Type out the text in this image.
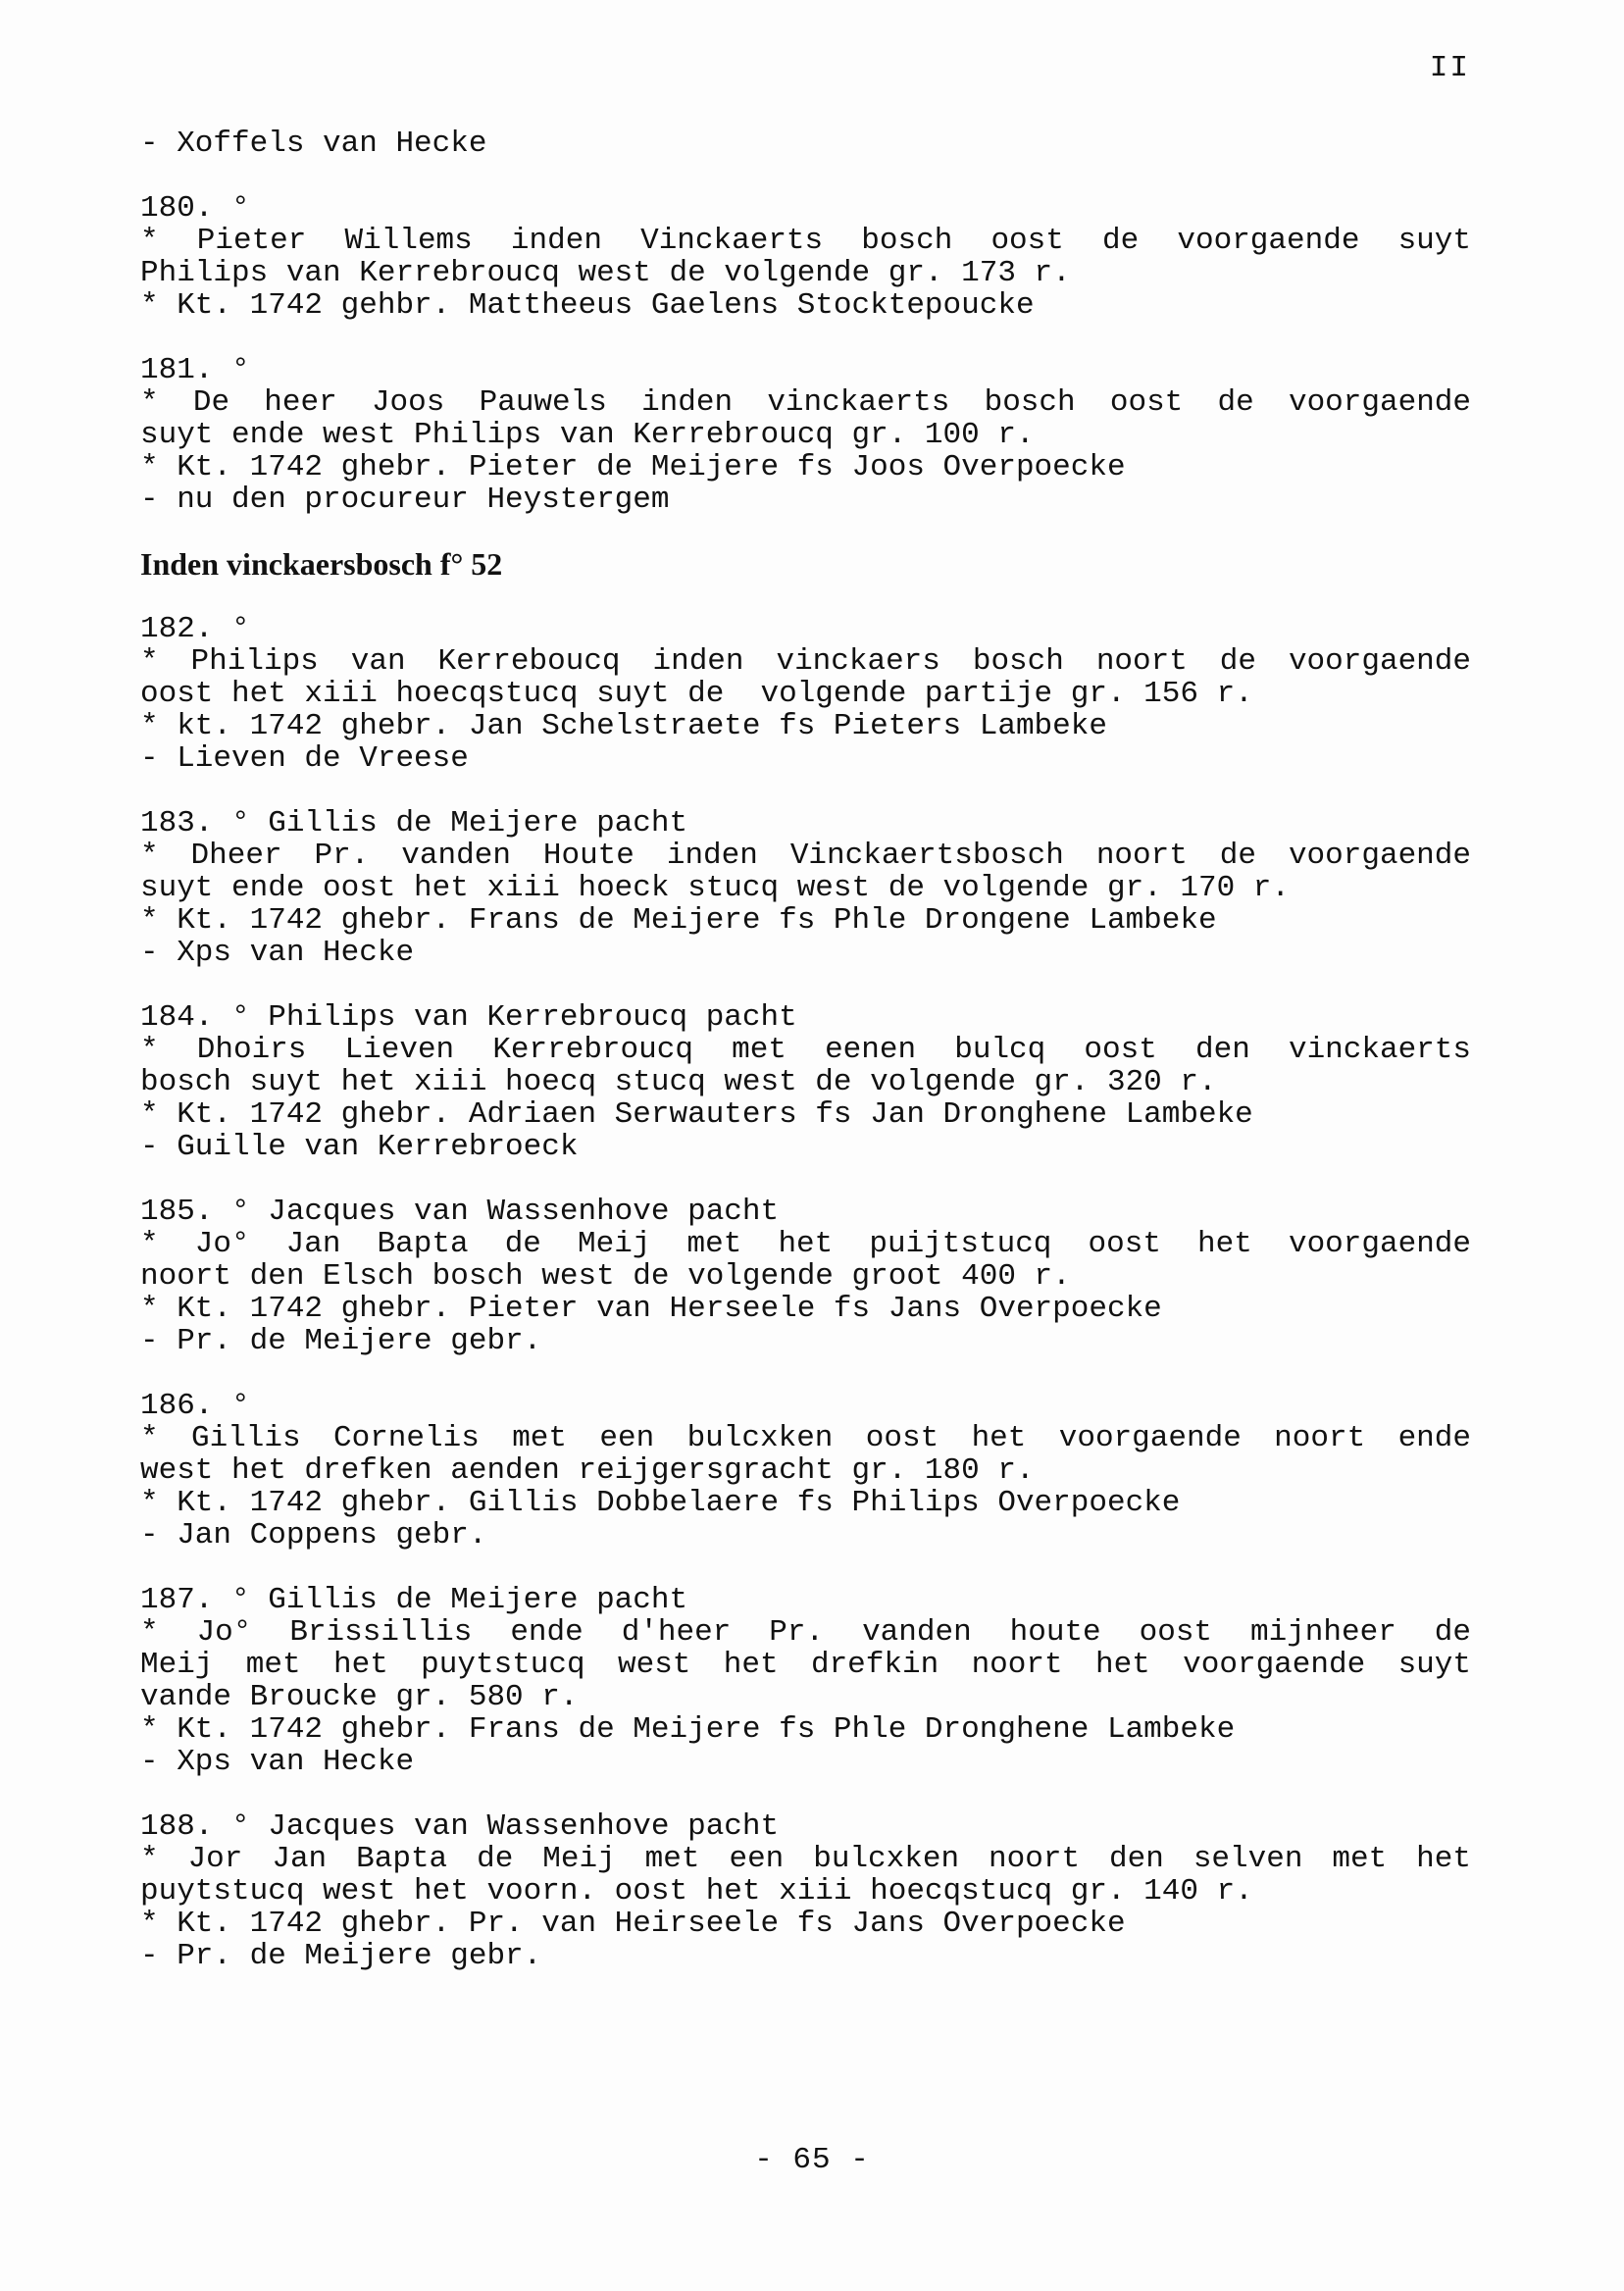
II
- Xoffels van Hecke
180. °
* Pieter Willems inden Vinckaerts bosch oost de voorgaende suyt
Philips van Kerrebroucq west de volgende gr. 173 r.
* Kt. 1742 gehbr. Mattheeus Gaelens Stocktepoucke
181. °
* De heer Joos Pauwels inden vinckaerts bosch oost de voorgaende
suyt ende west Philips van Kerrebroucq gr. 100 r.
* Kt. 1742 ghebr. Pieter de Meijere fs Joos Overpoecke
- nu den procureur Heystergem
Inden vinckaersbosch f° 52
182. °
* Philips van Kerreboucq inden vinckaers bosch noort de voorgaende
oost het xiii hoecqstucq suyt de  volgende partije gr. 156 r.
* kt. 1742 ghebr. Jan Schelstraete fs Pieters Lambeke
- Lieven de Vreese
183. ° Gillis de Meijere pacht
* Dheer Pr. vanden Houte inden Vinckaertsbosch noort de voorgaende
suyt ende oost het xiii hoeck stucq west de volgende gr. 170 r.
* Kt. 1742 ghebr. Frans de Meijere fs Phle Drongene Lambeke
- Xps van Hecke
184. ° Philips van Kerrebroucq pacht
* Dhoirs Lieven Kerrebroucq met eenen bulcq oost den vinckaerts
bosch suyt het xiii hoecq stucq west de volgende gr. 320 r.
* Kt. 1742 ghebr. Adriaen Serwauters fs Jan Dronghene Lambeke
- Guille van Kerrebroeck
185. ° Jacques van Wassenhove pacht
* Jo° Jan Bapta de Meij met het puijtstucq oost het voorgaende
noort den Elsch bosch west de volgende groot 400 r.
* Kt. 1742 ghebr. Pieter van Herseele fs Jans Overpoecke
- Pr. de Meijere gebr.
186. °
* Gillis Cornelis met een bulcxken oost het voorgaende noort ende
west het drefken aenden reijgersgracht gr. 180 r.
* Kt. 1742 ghebr. Gillis Dobbelaere fs Philips Overpoecke
- Jan Coppens gebr.
187. ° Gillis de Meijere pacht
* Jo° Brissillis ende d'heer Pr. vanden houte oost mijnheer de
Meij met het puytstucq west het drefkin noort het voorgaende suyt
vande Broucke gr. 580 r.
* Kt. 1742 ghebr. Frans de Meijere fs Phle Dronghene Lambeke
- Xps van Hecke
188. ° Jacques van Wassenhove pacht
* Jor Jan Bapta de Meij met een bulcxken noort den selven met het
puytstucq west het voorn. oost het xiii hoecqstucq gr. 140 r.
* Kt. 1742 ghebr. Pr. van Heirseele fs Jans Overpoecke
- Pr. de Meijere gebr.
- 65 -
